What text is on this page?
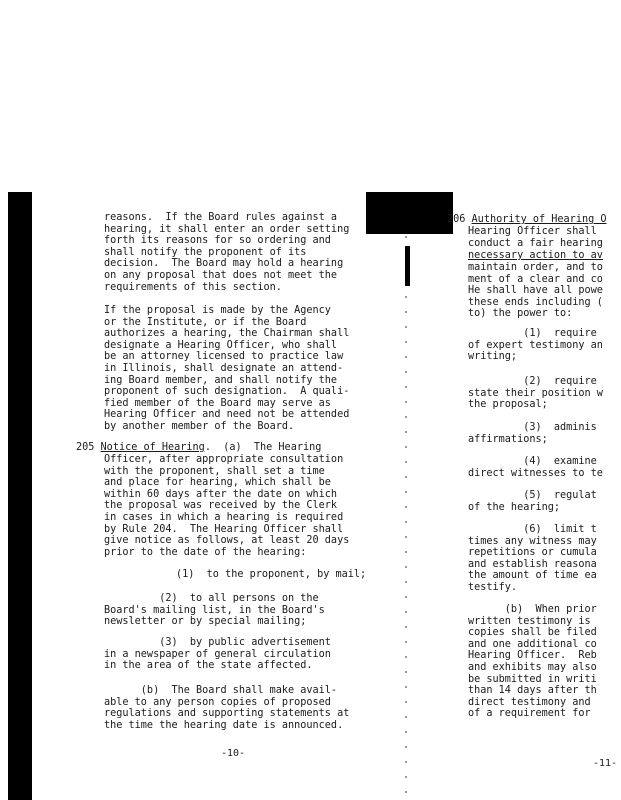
reasons.  If the Board rules against a
hearing, it shall enter an order setting
forth its reasons for so ordering and
shall notify the proponent of its
decision.  The Board may hold a hearing
on any proposal that does not meet the
requirements of this section.

If the proposal is made by the Agency
or the Institute, or if the Board
authorizes a hearing, the Chairman shall
designate a Hearing Officer, who shall
be an attorney licensed to practice law
in Illinois, shall designate an attend-
ing Board member, and shall notify the
proponent of such designation.  A quali-
fied member of the Board may serve as
Hearing Officer and need not be attended
by another member of the Board.

205 Notice of Hearing.  (a)  The Hearing

Officer, after appropriate consultation
with the proponent, shall set a time
and place for hearing, which shall be
within 60 days after the date on which
the proposal was received by the Clerk
in cases in which a hearing is required
by Rule 204.  The Hearing Officer shall
give notice as follows, at least 20 days
prior to the date of the hearing:

(1)  to the proponent, by mail;

(2)  to all persons on the
Board's mailing list, in the Board's
newsletter or by special mailing;

(3)  by public advertisement
in a newspaper of general circulation
in the area of the state affected.

(b)  The Board shall make avail-
able to any person copies of proposed
regulations and supporting statements at
the time the hearing date is announced.

-10-

206 Authority of Hearing O

Hearing Officer shall

conduct a fair hearing

necessary action to av

maintain order, and to
ment of a clear and co
He shall have all powe
these ends including (
to) the power to:

(1)  require
of expert testimony an
writing;

(2)  require
state their position w
the proposal;

(3)  adminis
affirmations;

(4)  examine
direct witnesses to te

(5)  regulat
of the hearing;

(6)  limit t
times any witness may
repetitions or cumula
and establish reasona
the amount of time ea
testify.

(b)  When prior
written testimony is
copies shall be filed
and one additional co
Hearing Officer.  Reb
and exhibits may also
be submitted in writi
than 14 days after th
direct testimony and
of a requirement for

-11-
